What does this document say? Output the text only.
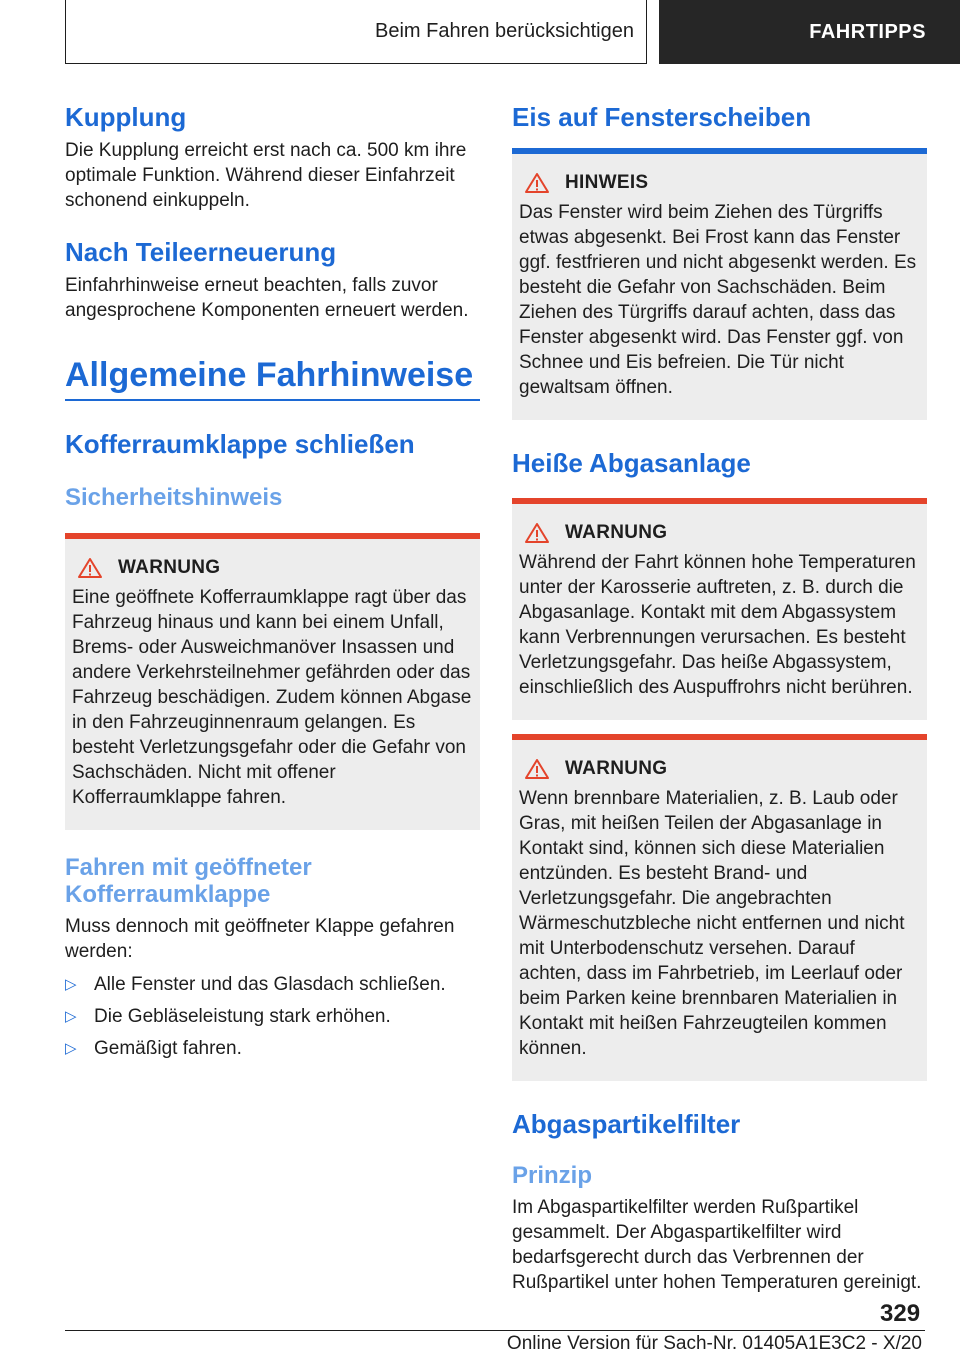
Beim Fahren berücksichtigen	FAHRTIPPS
Kupplung

Die Kupplung erreicht erst nach ca. 500 km ihre optimale Funktion. Während dieser Einfahrzeit schonend einkuppeln.

Nach Teileerneuerung

Einfahrhinweise erneut beachten, falls zuvor angesprochene Komponenten erneuert werden.

Allgemeine Fahrhinweise
Kofferraumklappe schließen
Sicherheitshinweis
WARNUNG

Eine geöffnete Kofferraumklappe ragt über das Fahrzeug hinaus und kann bei einem Unfall, Brems- oder Ausweichmanöver Insassen und andere Verkehrsteilnehmer gefährden oder das Fahrzeug beschädigen. Zudem können Abgase in den Fahrzeuginnenraum gelangen. Es besteht Verletzungsgefahr oder die Gefahr von Sachschäden. Nicht mit offener Kofferraumklappe fahren.

Fahren mit geöffneter Kofferraumklappe

Muss dennoch mit geöffneter Klappe gefahren werden:

▷ Alle Fenster und das Glasdach schließen.
▷ Die Gebläseleistung stark erhöhen.
▷ Gemäßigt fahren.
Eis auf Fensterscheiben
HINWEIS

Das Fenster wird beim Ziehen des Türgriffs etwas abgesenkt. Bei Frost kann das Fenster ggf. festfrieren und nicht abgesenkt werden. Es besteht die Gefahr von Sachschäden. Beim Ziehen des Türgriffs darauf achten, dass das Fenster abgesenkt wird. Das Fenster ggf. von Schnee und Eis befreien. Die Tür nicht gewaltsam öffnen.

Heiße Abgasanlage
WARNUNG

Während der Fahrt können hohe Temperaturen unter der Karosserie auftreten, z. B. durch die Abgasanlage. Kontakt mit dem Abgassystem kann Verbrennungen verursachen. Es besteht Verletzungsgefahr. Das heiße Abgassystem, einschließlich des Auspuffrohrs nicht berühren.

WARNUNG

Wenn brennbare Materialien, z. B. Laub oder Gras, mit heißen Teilen der Abgasanlage in Kontakt sind, können sich diese Materialien entzünden. Es besteht Brand- und Verletzungsgefahr. Die angebrachten Wärmeschutzbleche nicht entfernen und nicht mit Unterbodenschutz versehen. Darauf achten, dass im Fahrbetrieb, im Leerlauf oder beim Parken keine brennbaren Materialien in Kontakt mit heißen Fahrzeugteilen kommen können.

Abgaspartikelfilter
Prinzip

Im Abgaspartikelfilter werden Rußpartikel gesammelt. Der Abgaspartikelfilter wird bedarfsgerecht durch das Verbrennen der Rußpartikel unter hohen Temperaturen gereinigt.

329
Online Version für Sach-Nr. 01405A1E3C2 - X/20
